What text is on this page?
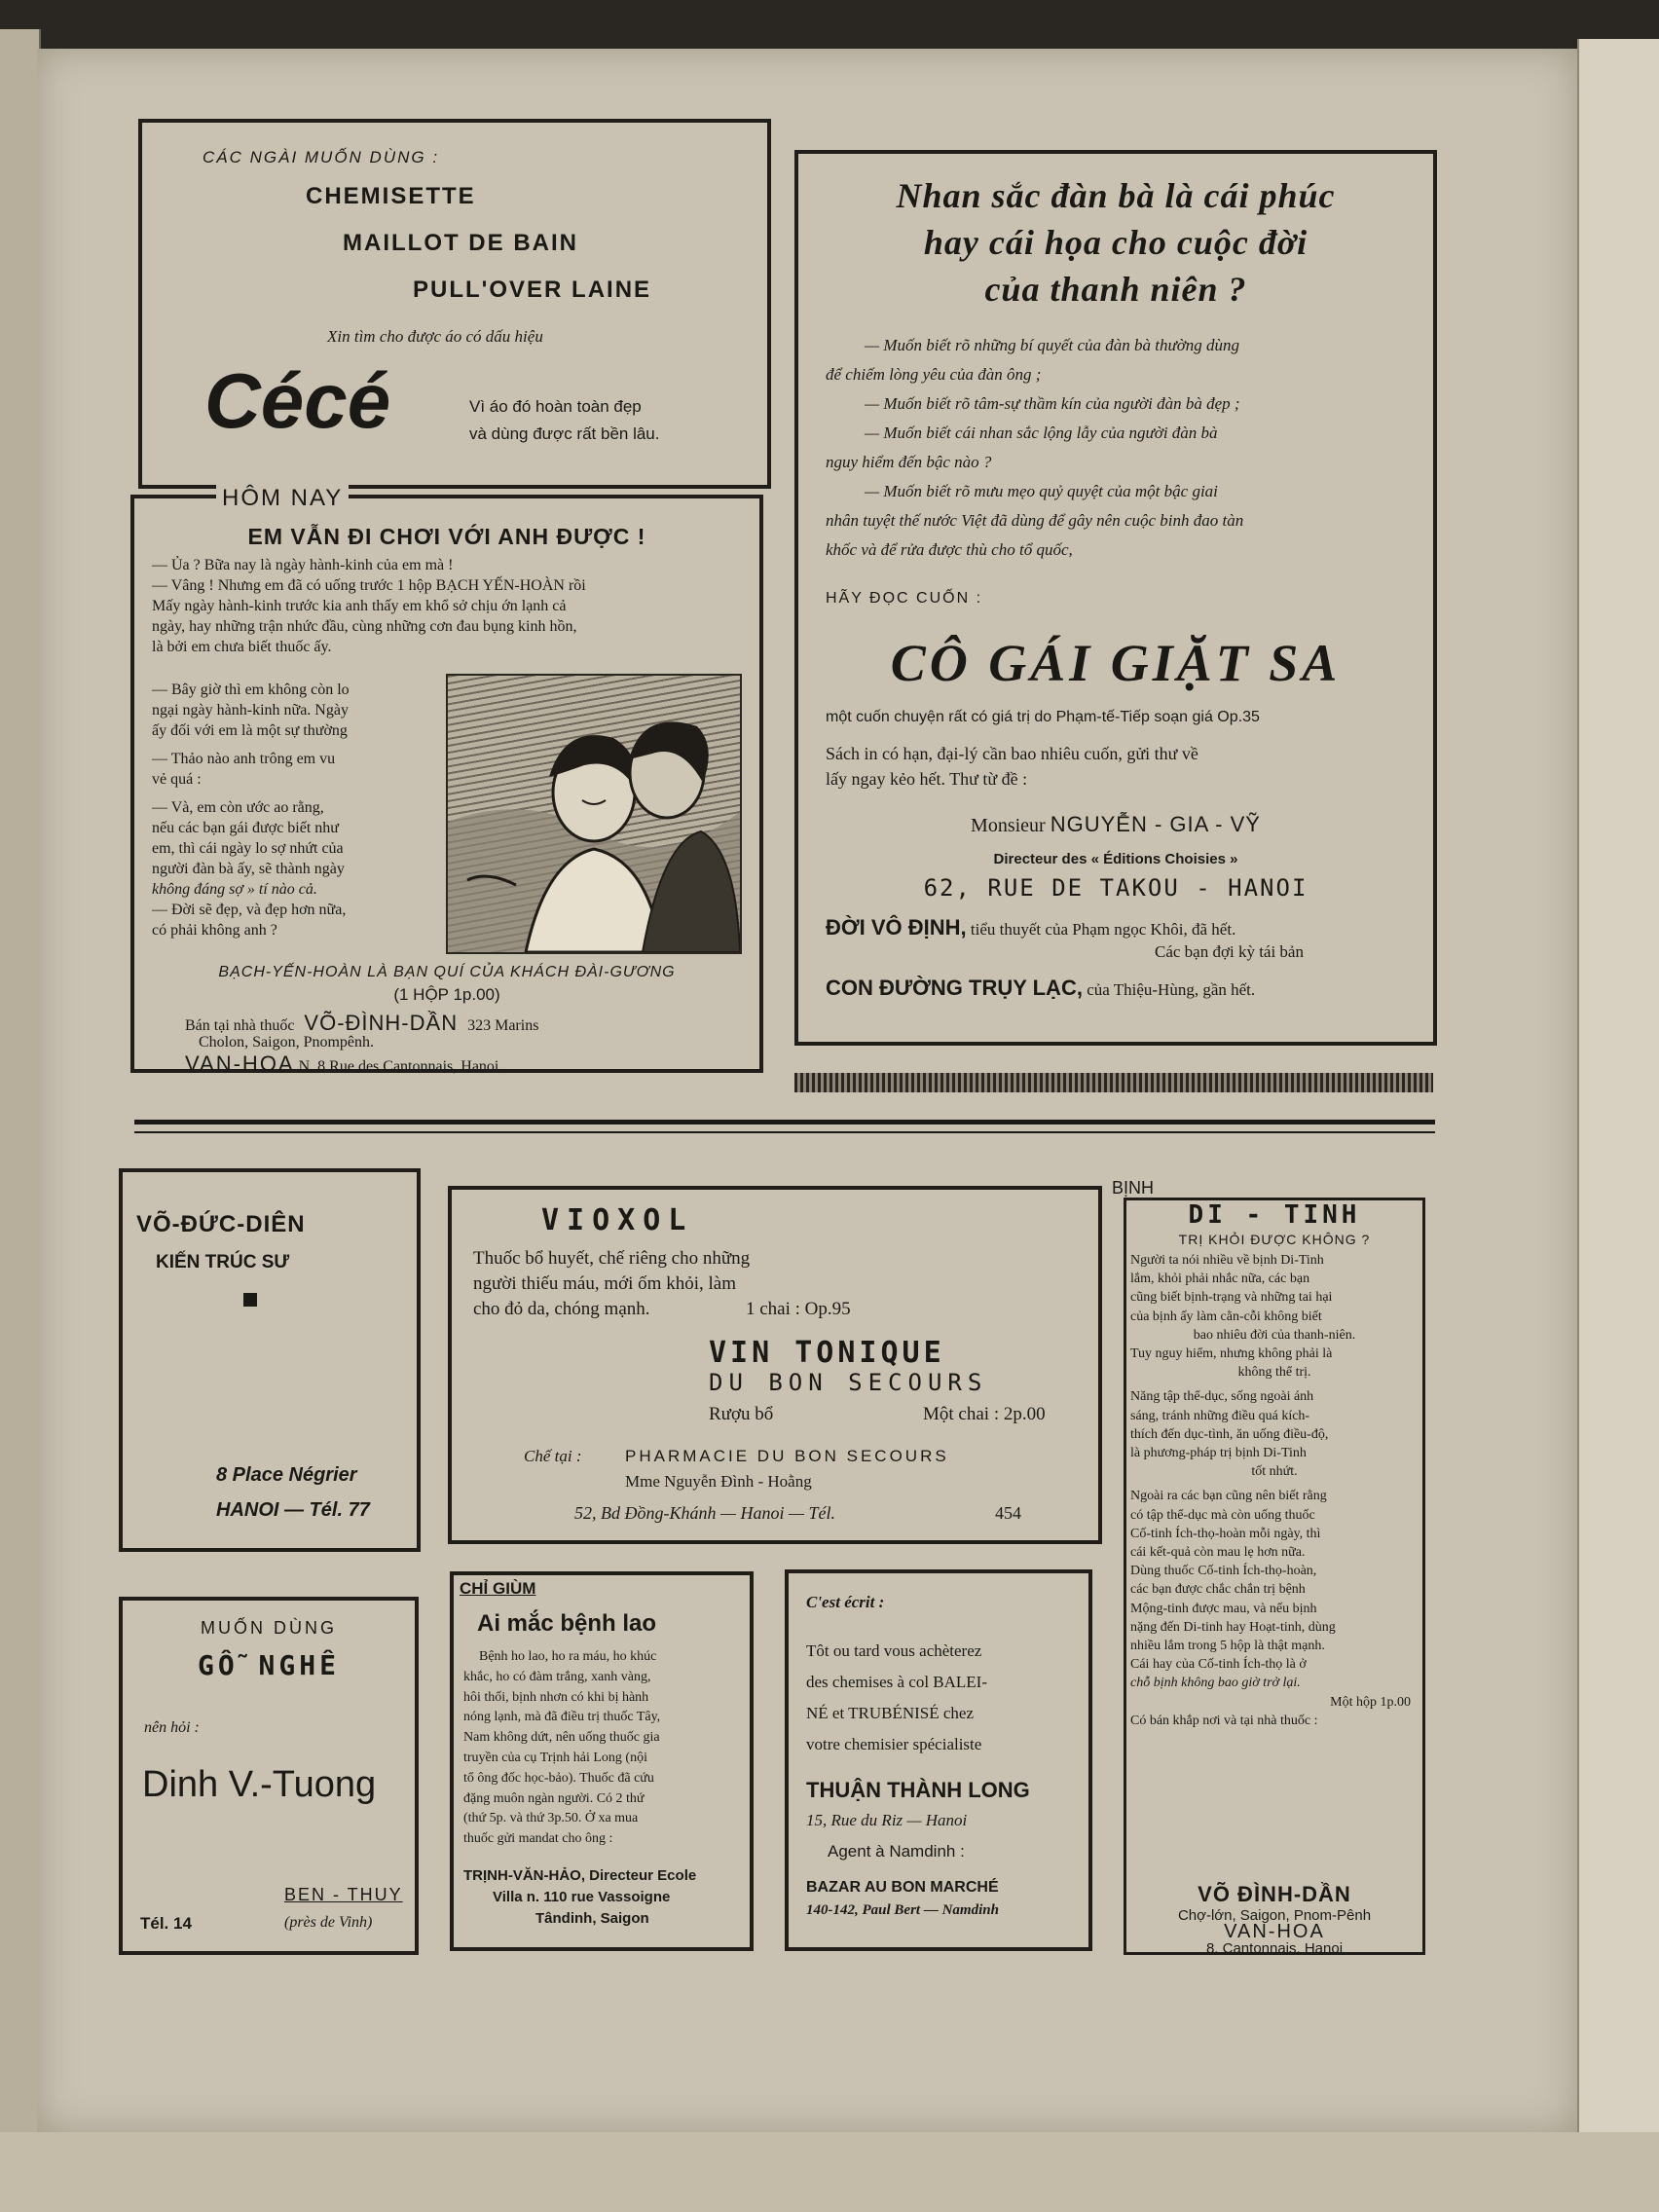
CÁC NGÀI MUỐN DÙNG :
CHEMISETTE
MAILLOT DE BAIN
PULL'OVER LAINE
Xin tìm cho được áo có dấu hiệu
Cécé	Vì áo đó hoàn toàn đẹp
và dùng được rất bền lâu.
HÔM NAY
EM VẪN ĐI CHƠI VỚI ANH ĐƯỢC !
— Ủa ? Bữa nay là ngày hành-kinh của em mà !
— Vâng ! Nhưng em đã có uống trước 1 hộp BẠCH YẾN-HOÀN rồi
Mấy ngày hành-kinh trước kia anh thấy em khổ sở chịu ớn lạnh cả
ngày, hay những trận nhức đầu, cùng những cơn đau bụng kinh hồn,
là bởi em chưa biết thuốc ấy.
— Bây giờ thì em không còn lo
ngại ngày hành-kinh nữa. Ngày
ấy đối với em là một sự thường
— Thảo nào anh trông em vu
vẻ quá :
— Và, em còn ước ao rằng,
nếu các bạn gái được biết như
em, thì cái ngày lo sợ nhứt của
người đàn bà ấy, sẽ thành ngày
không đáng sợ » tí nào cả.
— Đời sẽ đẹp, và đẹp hơn nữa,
có phải không anh ?
BẠCH-YẾN-HOÀN LÀ BẠN QUÍ CỦA KHÁCH ĐÀI-GƯƠNG
(1 HỘP 1p.00)
Bán tại nhà thuốc VÕ-ĐÌNH-DẦN 323 Marins
Cholon, Saigon, Pnompênh.
VAN-HOA N. 8 Rue des Cantonnais, Hanoi.
Nhan sắc đàn bà là cái phúc
hay cái họa cho cuộc đời
của thanh niên ?
— Muốn biết rõ những bí quyết của đàn bà thường dùng
để chiếm lòng yêu của đàn ông ;
— Muốn biết rõ tâm-sự thầm kín của người đàn bà đẹp ;
— Muốn biết cái nhan sắc lộng lẫy của người đàn bà
nguy hiểm đến bậc nào ?
— Muốn biết rõ mưu mẹo quỷ quyệt của một bậc giai
nhân tuyệt thế nước Việt đã dùng để gây nên cuộc binh đao tàn
khốc và để rửa được thù cho tổ quốc,
HÃY ĐỌC CUỐN :
CÔ GÁI GIẶT SA
một cuốn chuyện rất có giá trị do Phạm-tế-Tiếp soạn giá Op.35
Sách in có hạn, đại-lý cần bao nhiêu cuốn, gửi thư về
lấy ngay kẻo hết. Thư từ đề :
Monsieur NGUYỄN - GIA - VỸ
Directeur des « Éditions Choisies »
62, RUE DE TAKOU - HANOI
ĐỜI VÔ ĐỊNH, tiểu thuyết của Phạm ngọc Khôi, đã hết.
Các bạn đợi kỳ tái bản
CON ĐƯỜNG TRỤY LẠC, của Thiệu-Hùng, gần hết.
VÕ-ĐỨC-DIÊN
KIẾN TRÚC SƯ
8 Place Négrier
HANOI — Tél. 77
VIOXOL
Thuốc bổ huyết, chế riêng cho những
người thiếu máu, mới ốm khỏi, làm
cho đỏ da, chóng mạnh.	1 chai : Op.95
VIN TONIQUE
DU BON SECOURS
Rượu bổ	Một chai : 2p.00
Chế tại :	PHARMACIE DU BON SECOURS
Mme Nguyễn Đình - Hoằng
52, Bd Đồng-Khánh — Hanoi — Tél.	454
BỊNH
DI - TINH
TRỊ KHỎI ĐƯỢC KHÔNG ?
Người ta nói nhiều về bịnh Di-Tinh
lắm, khỏi phải nhắc nữa, các bạn
cũng biết bịnh-trạng và những tai hại
của bịnh ấy làm cằn-cỗi không biết
bao nhiêu đời của thanh-niên.
Tuy nguy hiểm, nhưng không phải là
không thể trị.
Năng tập thể-dục, sống ngoài ánh
sáng, tránh những điều quá kích-
thích đến dục-tình, ăn uống điều-độ,
là phương-pháp trị bịnh Di-Tinh
tốt nhứt.
Ngoài ra các bạn cũng nên biết rằng
có tập thể-dục mà còn uống thuốc
Cố-tinh Ích-thọ-hoàn mỗi ngày, thì
cái kết-quả còn mau lẹ hơn nữa.
Dùng thuốc Cố-tinh Ích-thọ-hoàn,
các bạn được chắc chắn trị bệnh
Mộng-tinh được mau, và nếu bịnh
nặng đến Di-tinh hay Hoạt-tinh, dùng
nhiều lắm trong 5 hộp là thật mạnh.
Cái hay của Cố-tinh Ích-thọ là ở
chỗ bịnh không bao giờ trở lại.
Một hộp 1p.00
Có bán khắp nơi và tại nhà thuốc :
VÕ ĐÌNH-DẦN
Chợ-lớn, Saigon, Pnom-Pênh
VAN-HOA
8, Cantonnais, Hanoi
MUỐN DÙNG
GỖ NGHÊ
nên hỏi :
Dinh V.-Tuong
BEN - THUY
Tél. 14	(près de Vinh)
CHỈ GIÙM
Ai mắc bệnh lao
Bệnh ho lao, ho ra máu, ho khúc
khắc, ho có đàm trắng, xanh vàng,
hôi thối, bịnh nhơn có khi bị hành
nóng lạnh, mà đã điều trị thuốc Tây,
Nam không dứt, nên uống thuốc gia
truyền của cụ Trịnh hải Long (nội
tổ ông đốc học-bảo). Thuốc đã cứu
đặng muôn ngàn người. Có 2 thứ
(thứ 5p. và thứ 3p.50. Ở xa mua
thuốc gửi mandat cho ông :
TRỊNH-VĂN-HẢO, Directeur Ecole
Villa n. 110 rue Vassoigne
Tândinh, Saigon
C'est écrit :
Tôt ou tard vous achèterez
des chemises à col BALEI-
NÉ et TRUBÉNISÉ chez
votre chemisier spécialiste
THUẬN THÀNH LONG
15, Rue du Riz — Hanoi
Agent à Namdinh :
BAZAR AU BON MARCHÉ
140-142, Paul Bert — Namdinh
